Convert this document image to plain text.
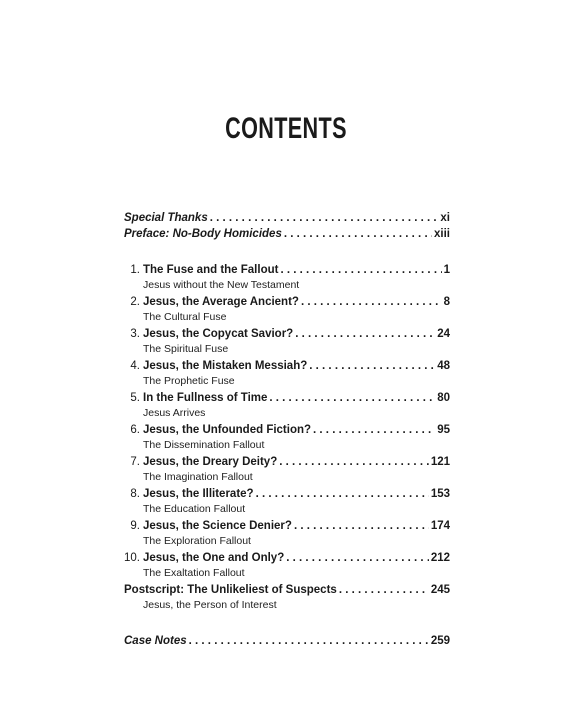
CONTENTS
Special Thanks . . .	xi
Preface: No-Body Homicides . . .	xiii
1. The Fuse and the Fallout . . .	1
Jesus without the New Testament
2. Jesus, the Average Ancient? . . .	8
The Cultural Fuse
3. Jesus, the Copycat Savior? . . .	24
The Spiritual Fuse
4. Jesus, the Mistaken Messiah? . . .	48
The Prophetic Fuse
5. In the Fullness of Time . . .	80
Jesus Arrives
6. Jesus, the Unfounded Fiction? . . .	95
The Dissemination Fallout
7. Jesus, the Dreary Deity? . . .	121
The Imagination Fallout
8. Jesus, the Illiterate? . . .	153
The Education Fallout
9. Jesus, the Science Denier? . . .	174
The Exploration Fallout
10. Jesus, the One and Only? . . .	212
The Exaltation Fallout
Postscript: The Unlikeliest of Suspects . . .	245
Jesus, the Person of Interest
Case Notes . . .	259
